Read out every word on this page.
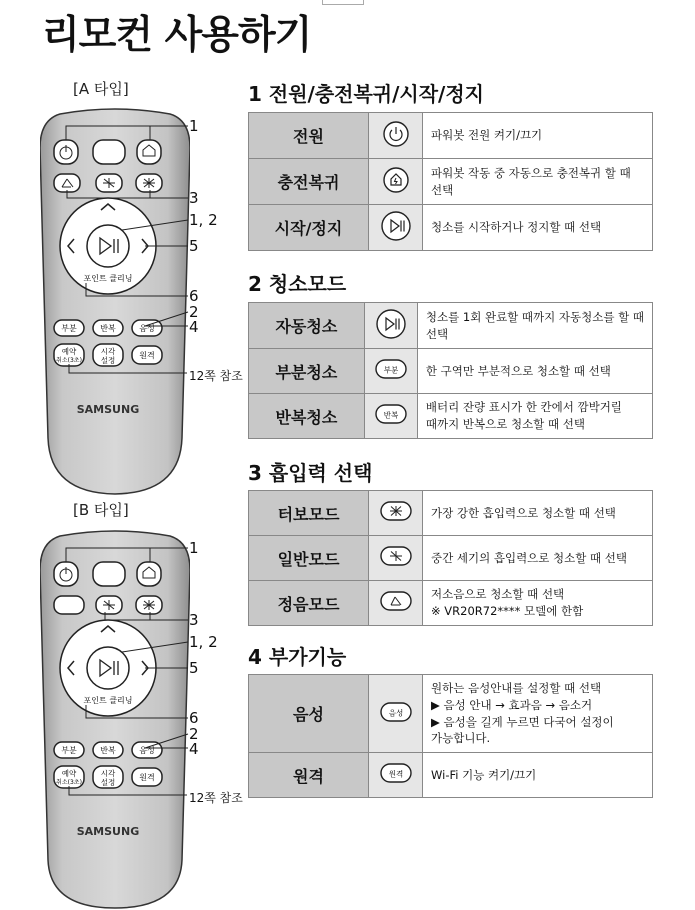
리모컨 사용하기
[A 타입]
포인트 클리닝
부분	반복	음성
예약
취소(3초)
시각
설정
원격
SAMSUNG
1
3
1, 2
5
6
2
4
12쪽 참조
[B 타입]
포인트 클리닝
부분	반복	음성
예약
취소(3초)
시각
설정
원격
SAMSUNG
1
3
1, 2
5
6
2
4
12쪽 참조
1 전원/충전복귀/시작/정지
전원		파워봇 전원 켜기/끄기

충전복귀		파워봇 작동 중 자동으로 충전복귀 할 때
선택

시작/정지		청소를 시작하거나 정지할 때 선택
2 청소모드
자동청소		청소를 1회 완료할 때까지 자동청소를 할 때
선택

부분청소	부분	한 구역만 부분적으로 청소할 때 선택

반복청소	반복	배터리 잔량 표시가 한 칸에서 깜박거릴
때까지 반복으로 청소할 때 선택
3 흡입력 선택
터보모드		가장 강한 흡입력으로 청소할 때 선택

일반모드		중간 세기의 흡입력으로 청소할 때 선택

정음모드		저소음으로 청소할 때 선택
※ VR20R72**** 모델에 한함
4 부가기능
음성	음성	원하는 음성안내를 설정할 때 선택
▶ 음성 안내 → 효과음 → 음소거
▶ 음성을 길게 누르면 다국어 설정이
가능합니다.

원격	원격	Wi-Fi 기능 켜기/끄기
